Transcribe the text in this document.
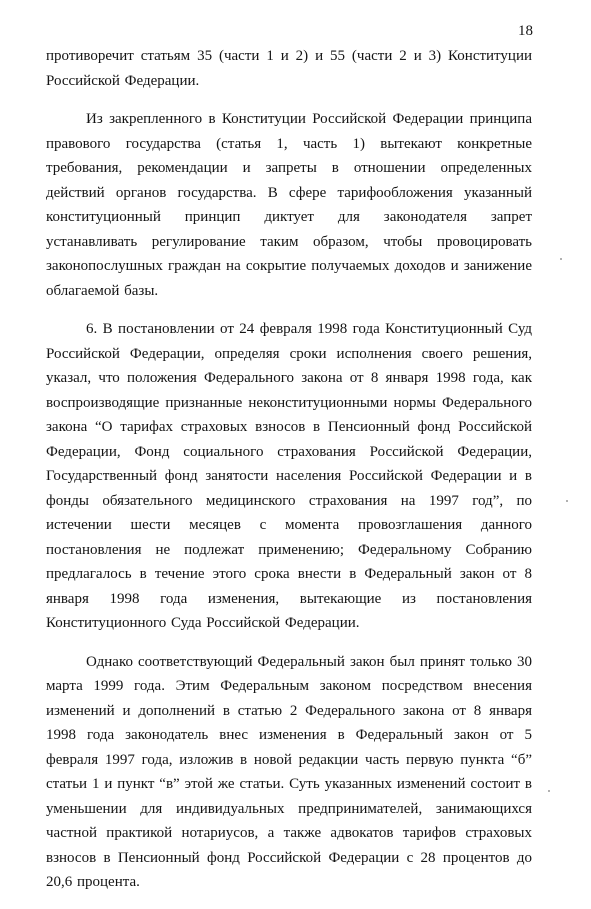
18

противоречит статьям 35 (части 1 и 2) и 55 (части 2 и 3) Конституции Российской Федерации.

Из закрепленного в Конституции Российской Федерации принципа правового государства (статья 1, часть 1) вытекают конкретные требования, рекомендации и запреты в отношении определенных действий органов государства. В сфере тарифообложения указанный конституционный принцип диктует для законодателя запрет устанавливать регулирование таким образом, чтобы провоцировать законопослушных граждан на сокрытие получаемых доходов и занижение облагаемой базы.

6. В постановлении от 24 февраля 1998 года Конституционный Суд Российской Федерации, определяя сроки исполнения своего решения, указал, что положения Федерального закона от 8 января 1998 года, как воспроизводящие признанные неконституционными нормы Федерального закона “О тарифах страховых взносов в Пенсионный фонд Российской Федерации, Фонд социального страхования Российской Федерации, Государственный фонд занятости населения Российской Федерации и в фонды обязательного медицинского страхования на 1997 год”, по истечении шести месяцев с момента провозглашения данного постановления не подлежат применению; Федеральному Собранию предлагалось в течение этого срока внести в Федеральный закон от 8 января 1998 года изменения, вытекающие из постановления Конституционного Суда Российской Федерации.

Однако соответствующий Федеральный закон был принят только 30 марта 1999 года. Этим Федеральным законом посредством внесения изменений и дополнений в статью 2 Федерального закона от 8 января 1998 года законодатель внес изменения в Федеральный закон от 5 февраля 1997 года, изложив в новой редакции часть первую пункта “б” статьи 1 и пункт “в” этой же статьи. Суть указанных изменений состоит в уменьшении для индивидуальных предпринимателей, занимающихся частной практикой нотариусов, а также адвокатов тарифов страховых взносов в Пенсионный фонд Российской Федерации с 28 процентов до 20,6 процента.
